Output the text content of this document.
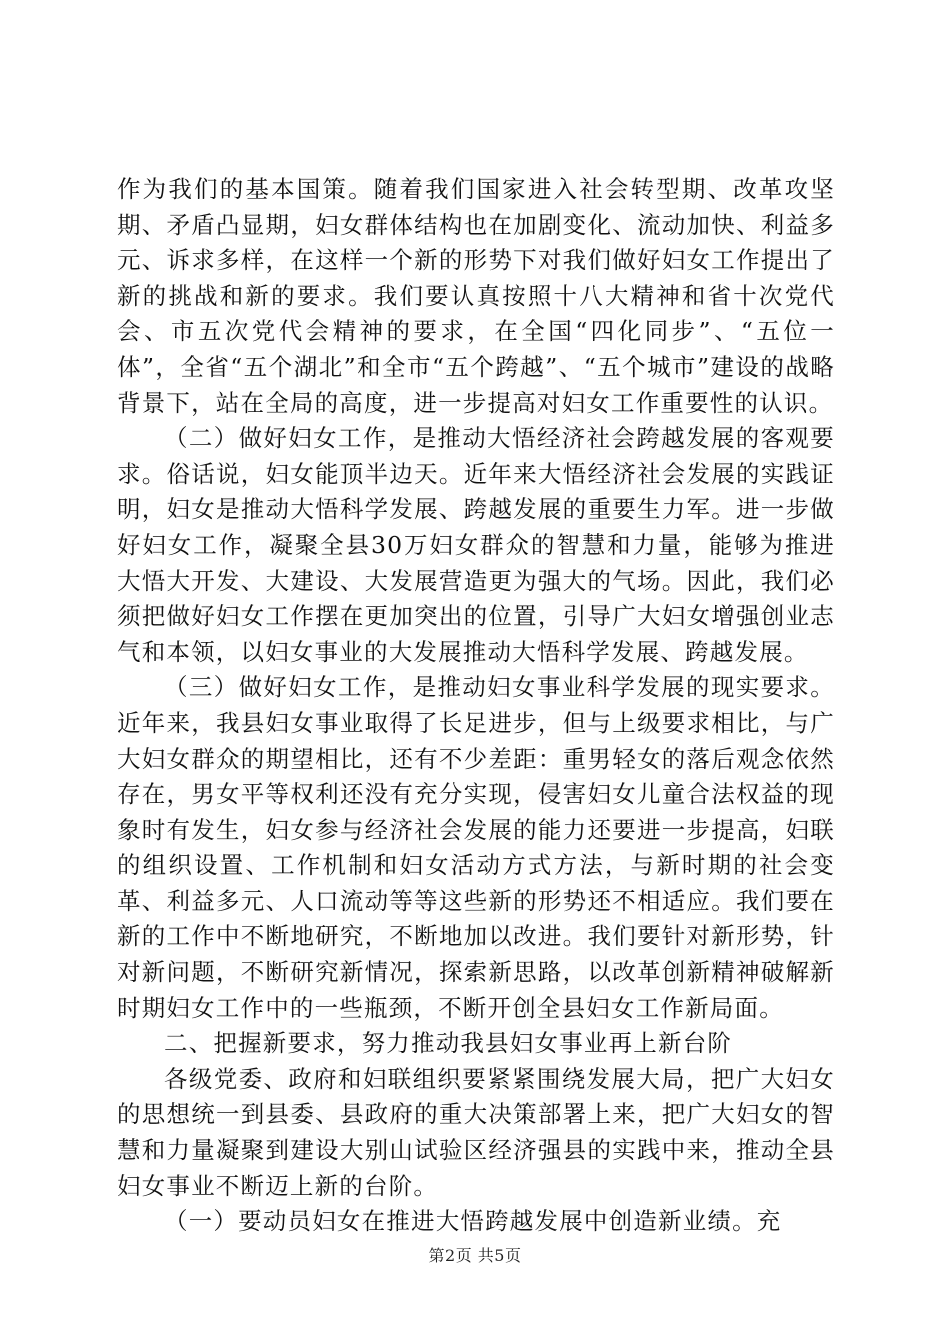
作为我们的基本国策。随着我们国家进入社会转型期、改革攻坚期、矛盾凸显期，妇女群体结构也在加剧变化、流动加快、利益多元、诉求多样，在这样一个新的形势下对我们做好妇女工作提出了新的挑战和新的要求。我们要认真按照十八大精神和省十次党代会、市五次党代会精神的要求，在全国“四化同步”、“五位一体”，全省“五个湖北”和全市“五个跨越”、“五个城市”建设的战略背景下，站在全局的高度，进一步提高对妇女工作重要性的认识。

（二）做好妇女工作，是推动大悟经济社会跨越发展的客观要求。俗话说，妇女能顶半边天。近年来大悟经济社会发展的实践证明，妇女是推动大悟科学发展、跨越发展的重要生力军。进一步做好妇女工作，凝聚全县30万妇女群众的智慧和力量，能够为推进大悟大开发、大建设、大发展营造更为强大的气场。因此，我们必须把做好妇女工作摆在更加突出的位置，引导广大妇女增强创业志气和本领，以妇女事业的大发展推动大悟科学发展、跨越发展。

（三）做好妇女工作，是推动妇女事业科学发展的现实要求。近年来，我县妇女事业取得了长足进步，但与上级要求相比，与广大妇女群众的期望相比，还有不少差距：重男轻女的落后观念依然存在，男女平等权利还没有充分实现，侵害妇女儿童合法权益的现象时有发生，妇女参与经济社会发展的能力还要进一步提高，妇联的组织设置、工作机制和妇女活动方式方法，与新时期的社会变革、利益多元、人口流动等等这些新的形势还不相适应。我们要在新的工作中不断地研究，不断地加以改进。我们要针对新形势，针对新问题，不断研究新情况，探索新思路，以改革创新精神破解新时期妇女工作中的一些瓶颈，不断开创全县妇女工作新局面。

二、把握新要求，努力推动我县妇女事业再上新台阶

各级党委、政府和妇联组织要紧紧围绕发展大局，把广大妇女的思想统一到县委、县政府的重大决策部署上来，把广大妇女的智慧和力量凝聚到建设大别山试验区经济强县的实践中来，推动全县妇女事业不断迈上新的台阶。

（一）要动员妇女在推进大悟跨越发展中创造新业绩。充

第2页 共5页
